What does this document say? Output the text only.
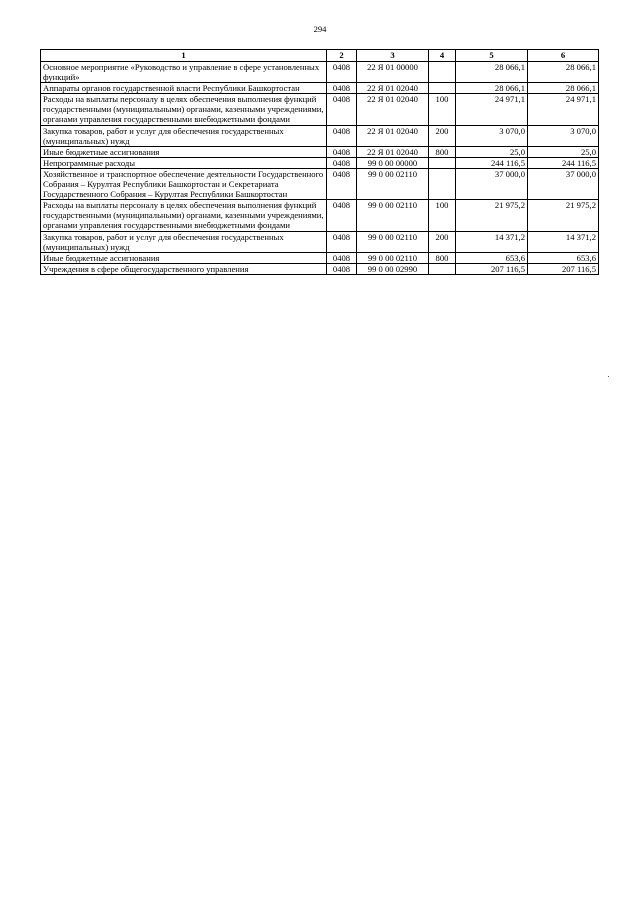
294
1	2	3	4	5	6
Основное мероприятие «Руководство и управление в сфере установленных функций»	0408	22 Я 01 00000		28 066,1	28 066,1
Аппараты органов государственной власти Республики Башкортостан	0408	22 Я 01 02040		28 066,1	28 066,1
Расходы на выплаты персоналу в целях обеспечения выполнения функций государственными (муниципальными) органами, казенными учреждениями, органами управления государственными внебюджетными фондами	0408	22 Я 01 02040	100	24 971,1	24 971,1
Закупка товаров, работ и услуг для обеспечения государственных (муниципальных) нужд	0408	22 Я 01 02040	200	3 070,0	3 070,0
Иные бюджетные ассигнования	0408	22 Я 01 02040	800	25,0	25,0
Непрограммные расходы	0408	99 0 00 00000		244 116,5	244 116,5
Хозяйственное и транспортное обеспечение деятельности Государственного Собрания – Курултая Республики Башкортостан и Секретариата Государственного Собрания – Курултая Республики Башкортостан	0408	99 0 00 02110		37 000,0	37 000,0
Расходы на выплаты персоналу в целях обеспечения выполнения функций государственными (муниципальными) органами, казенными учреждениями, органами управления государственными внебюджетными фондами	0408	99 0 00 02110	100	21 975,2	21 975,2
Закупка товаров, работ и услуг для обеспечения государственных (муниципальных) нужд	0408	99 0 00 02110	200	14 371,2	14 371,2
Иные бюджетные ассигнования	0408	99 0 00 02110	800	653,6	653,6
Учреждения в сфере общегосударственного управления	0408	99 0 00 02990		207 116,5	207 116,5
